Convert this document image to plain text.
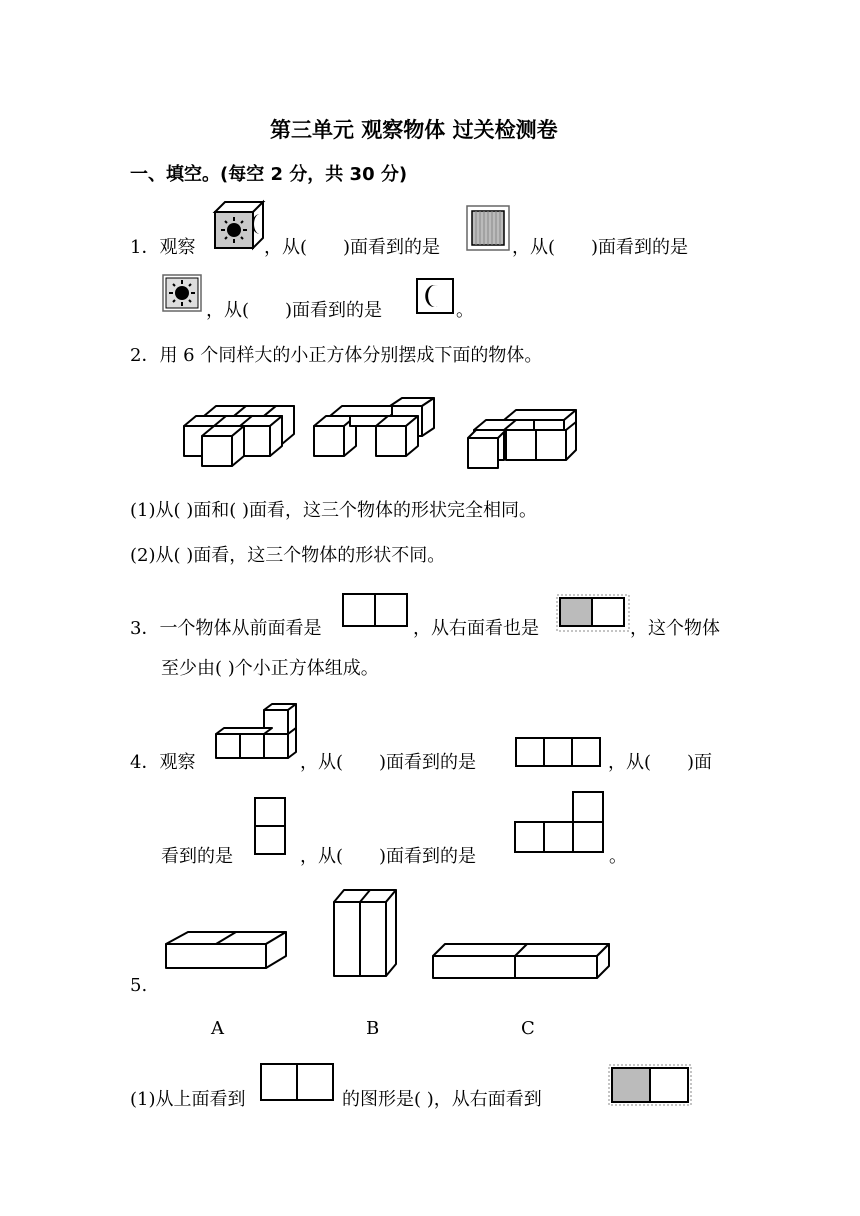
第三单元 观察物体 过关检测卷
一、填空。(每空 2 分，共 30 分)
1．观察	，从( )面看到的是	，从( )面看到的是
，从( )面看到的是	。
2．用 6 个同样大的小正方体分别摆成下面的物体。
(1)从( )面和( )面看，这三个物体的形状完全相同。
(2)从( )面看，这三个物体的形状不同。
3．一个物体从前面看是	，从右面看也是	，这个物体
至少由( )个小正方体组成。
4．观察	，从( )面看到的是	，从( )面
看到的是	，从( )面看到的是	。
5.
A	B	C
(1)从上面看到	的图形是( )，从右面看到
